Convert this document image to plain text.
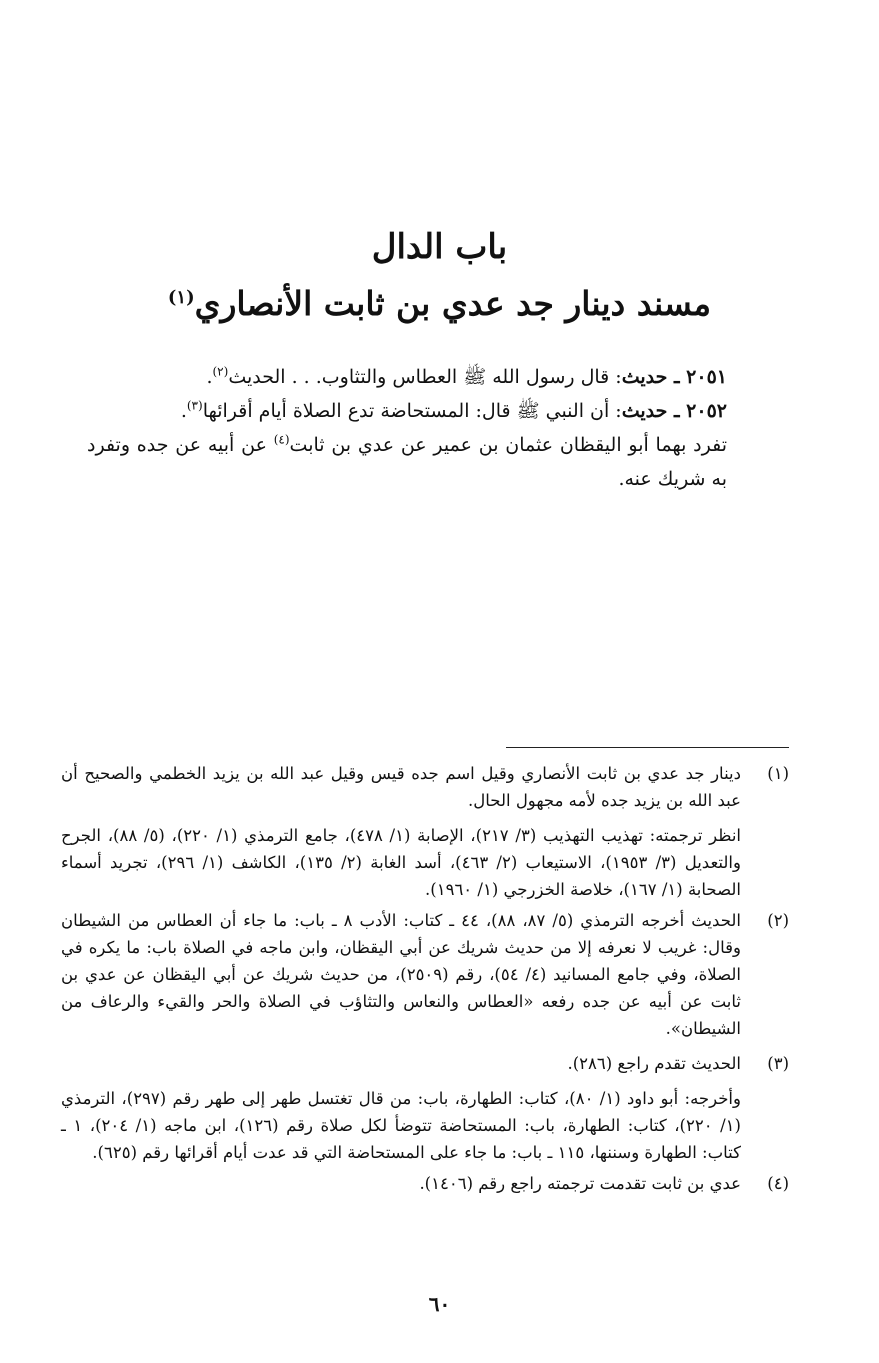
باب الدال
مسند دينار جد عدي بن ثابت الأنصاري$^{(١)}$

٢٠٥١ ـ حديث: قال رسول الله ﷺ العطاس والتثاوب. . . الحديث$^{(٢)}$.

٢٠٥٢ ـ حديث: أن النبي ﷺ قال: المستحاضة تدع الصلاة أيام أقرائها$^{(٣)}$.

تفرد بهما أبو اليقظان عثمان بن عمير عن عدي بن ثابت$^{(٤)}$ عن أبيه عن جده وتفرد به شريك عنه.

(١)

دينار جد عدي بن ثابت الأنصاري وقيل اسم جده قيس وقيل عبد الله بن يزيد الخطمي والصحيح أن عبد الله بن يزيد جده لأمه مجهول الحال.

انظر ترجمته: تهذيب التهذيب (٣/ ٢١٧)، الإصابة (١/ ٤٧٨)، جامع الترمذي (١/ ٢٢٠)، (٥/ ٨٨)، الجرح والتعديل (٣/ ١٩٥٣)، الاستيعاب (٢/ ٤٦٣)، أسد الغابة (٢/ ١٣٥)، الكاشف (١/ ٢٩٦)، تجريد أسماء الصحابة (١/ ١٦٧)، خلاصة الخزرجي (١/ ١٩٦٠).

(٢)

الحديث أخرجه الترمذي (٥/ ٨٧، ٨٨)، ٤٤ ـ كتاب: الأدب ٨ ـ باب: ما جاء أن العطاس من الشيطان وقال: غريب لا نعرفه إلا من حديث شريك عن أبي اليقظان، وابن ماجه في الصلاة باب: ما يكره في الصلاة، وفي جامع المسانيد (٤/ ٥٤)، رقم (٢٥٠٩)، من حديث شريك عن أبي اليقظان عن عدي بن ثابت عن أبيه عن جده رفعه «العطاس والنعاس والتثاؤب في الصلاة والحر والقيء والرعاف من الشيطان».

(٣)

الحديث تقدم راجع (٢٨٦).

وأخرجه: أبو داود (١/ ٨٠)، كتاب: الطهارة، باب: من قال تغتسل طهر إلى طهر رقم (٢٩٧)، الترمذي (١/ ٢٢٠)، كتاب: الطهارة، باب: المستحاضة تتوضأ لكل صلاة رقم (١٢٦)، ابن ماجه (١/ ٢٠٤)، ١ ـ كتاب: الطهارة وسننها، ١١٥ ـ باب: ما جاء على المستحاضة التي قد عدت أيام أقرائها رقم (٦٢٥).

(٤)

عدي بن ثابت تقدمت ترجمته راجع رقم (١٤٠٦).

٦٠
